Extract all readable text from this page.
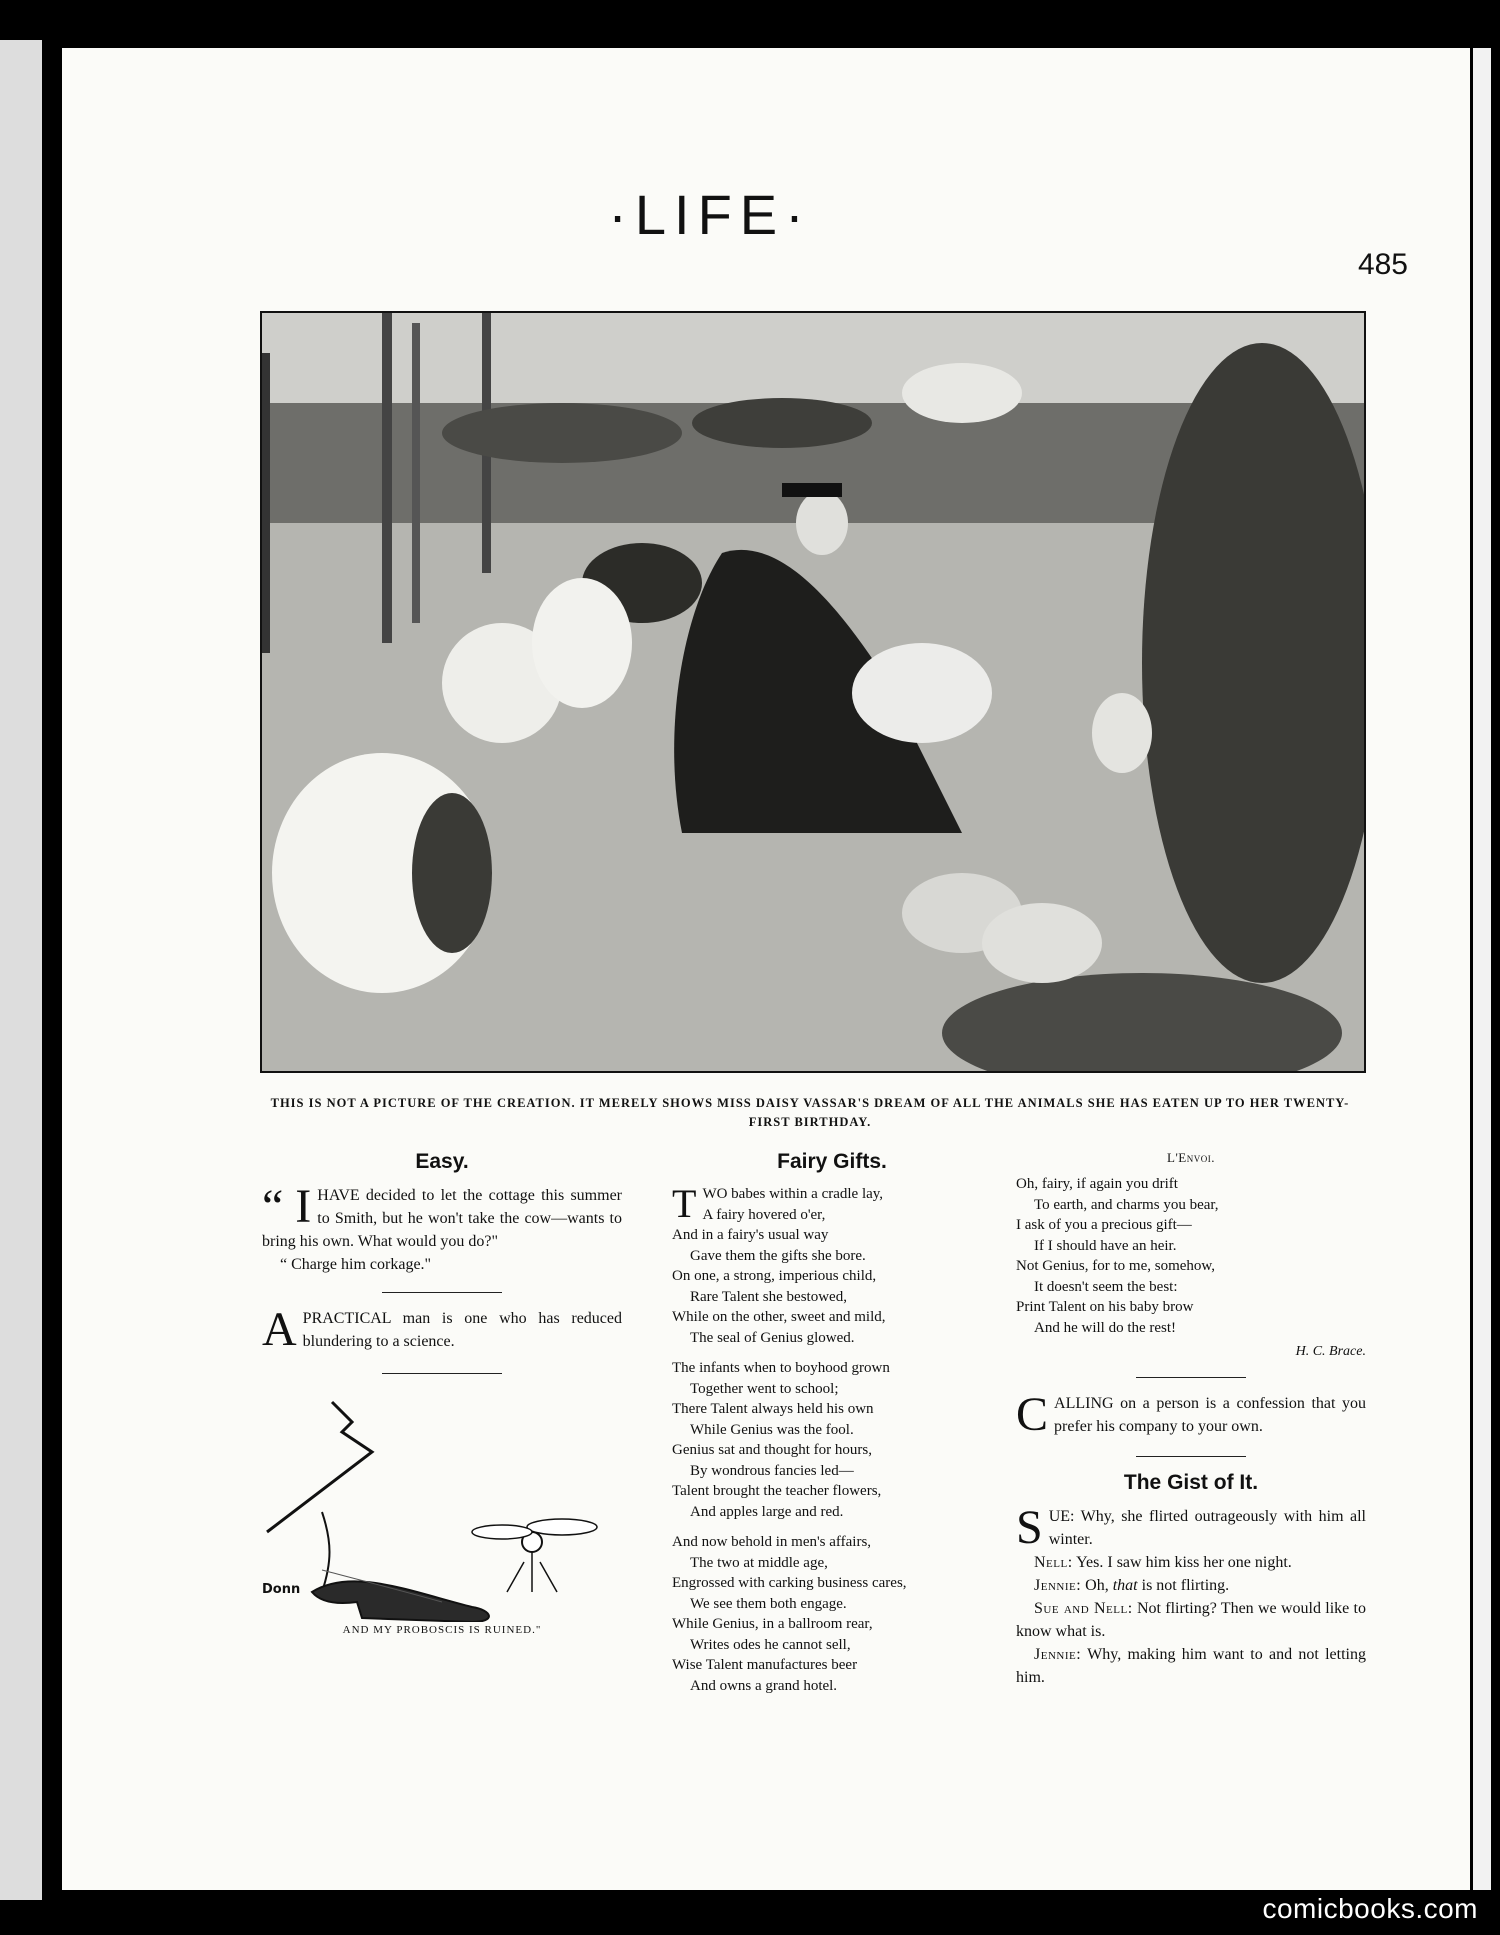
·LIFE·
485
THIS IS NOT A PICTURE OF THE CREATION. IT MERELY SHOWS MISS DAISY VASSAR'S DREAM OF ALL THE ANIMALS SHE HAS EATEN UP TO HER TWENTY-FIRST BIRTHDAY.
Easy.

“ I HAVE decided to let the cottage this summer to Smith, but he won't take the cow—wants to bring his own. What would you do?"

“ Charge him corkage."

APRACTICAL man is one who has reduced blundering to a science.

Donn
AND MY PROBOSCIS IS RUINED."
Fairy Gifts.
T WO babes within a cradle lay,
A fairy hovered o'er,
And in a fairy's usual way
Gave them the gifts she bore.
On one, a strong, imperious child,
Rare Talent she bestowed,
While on the other, sweet and mild,
The seal of Genius glowed.
The infants when to boyhood grown
Together went to school;
There Talent always held his own
While Genius was the fool.
Genius sat and thought for hours,
By wondrous fancies led—
Talent brought the teacher flowers,
And apples large and red.
And now behold in men's affairs,
The two at middle age,
Engrossed with carking business cares,
We see them both engage.
While Genius, in a ballroom rear,
Writes odes he cannot sell,
Wise Talent manufactures beer
And owns a grand hotel.
L'Envoi.
Oh, fairy, if again you drift
To earth, and charms you bear,
I ask of you a precious gift—
If I should have an heir.
Not Genius, for to me, somehow,
It doesn't seem the best:
Print Talent on his baby brow
And he will do the rest!
H. C. Brace.

CALLING on a person is a confession that you prefer his company to your own.

The Gist of It.

SUE: Why, she flirted outrageously with him all winter.

Nell: Yes. I saw him kiss her one night.

Jennie: Oh, that is not flirting.

Sue and Nell: Not flirting? Then we would like to know what is.

Jennie: Why, making him want to and not letting him.

comicbooks.com
